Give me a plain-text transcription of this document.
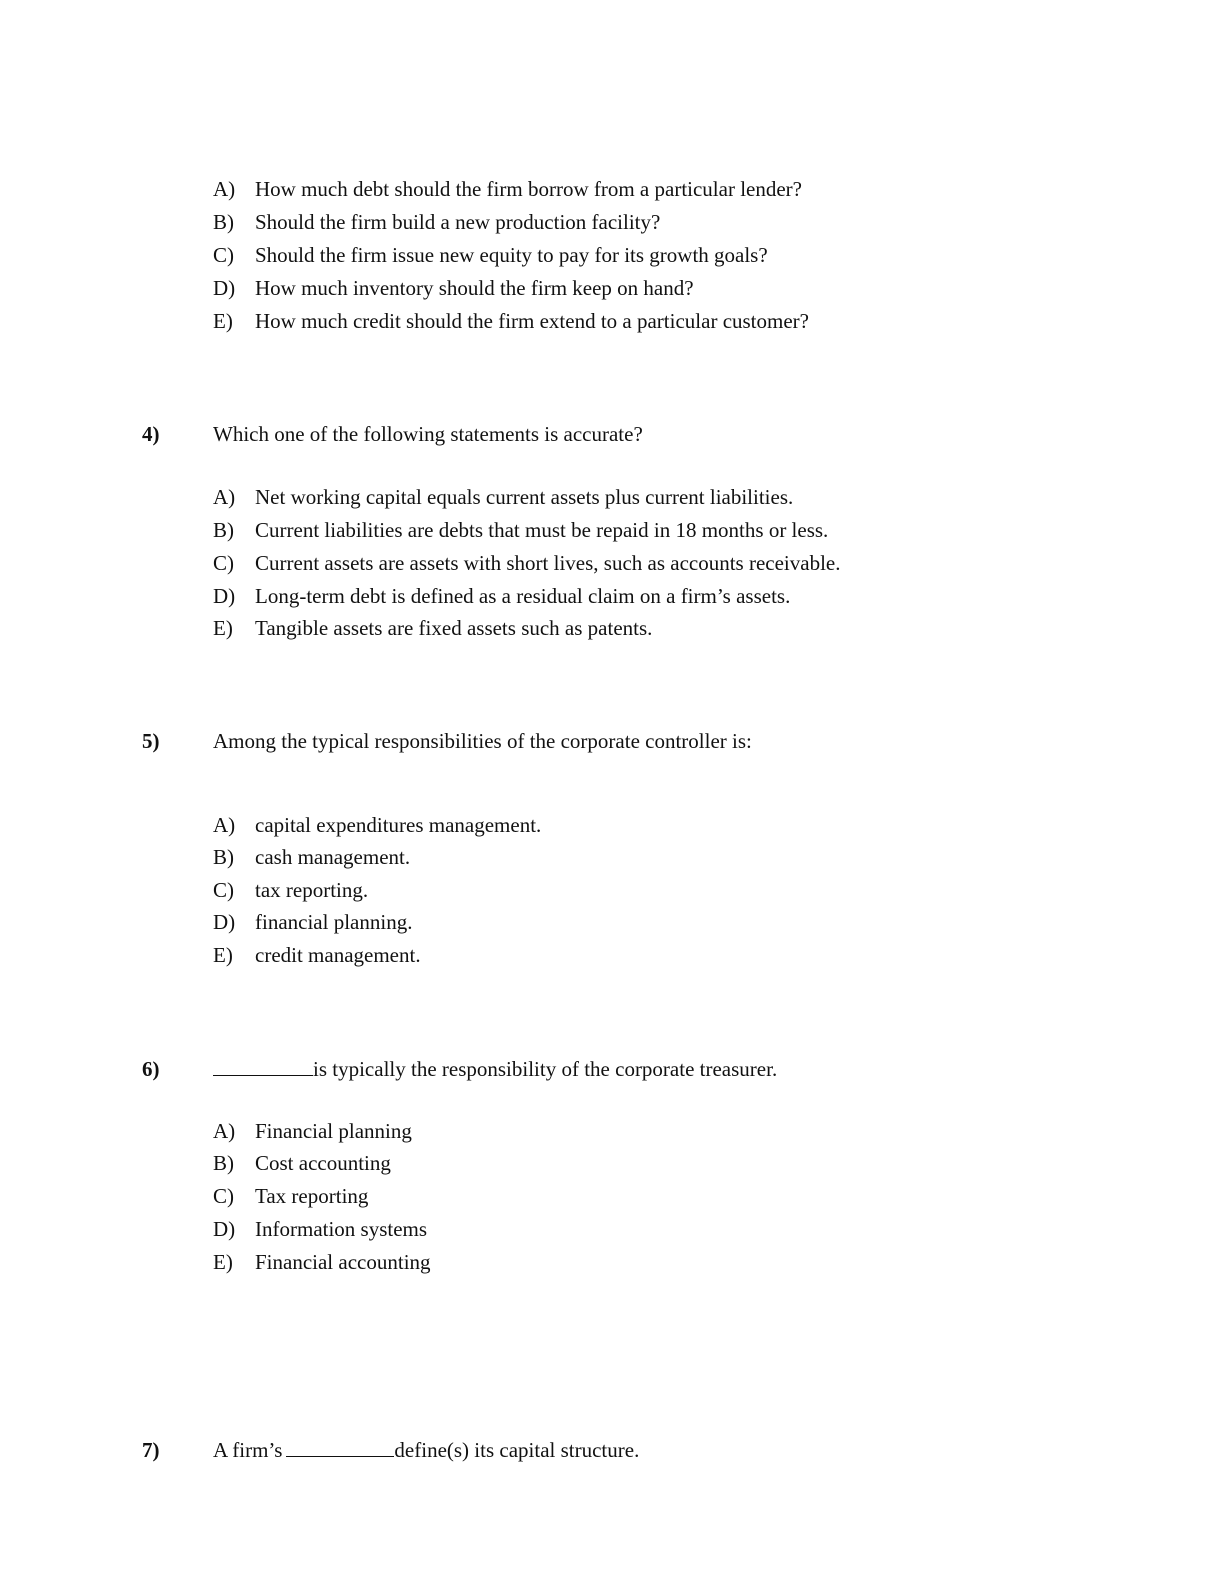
A) How much debt should the firm borrow from a particular lender?
B) Should the firm build a new production facility?
C) Should the firm issue new equity to pay for its growth goals?
D) How much inventory should the firm keep on hand?
E) How much credit should the firm extend to a particular customer?
4)	Which one of the following statements is accurate?
A) Net working capital equals current assets plus current liabilities.
B) Current liabilities are debts that must be repaid in 18 months or less.
C) Current assets are assets with short lives, such as accounts receivable.
D) Long-term debt is defined as a residual claim on a firm’s assets.
E) Tangible assets are fixed assets such as patents.
5)	Among the typical responsibilities of the corporate controller is:
A) capital expenditures management.
B) cash management.
C) tax reporting.
D) financial planning.
E) credit management.
6)	is typically the responsibility of the corporate treasurer.
A) Financial planning
B) Cost accounting
C) Tax reporting
D) Information systems
E) Financial accounting
7)	A firm’s	define(s) its capital structure.
